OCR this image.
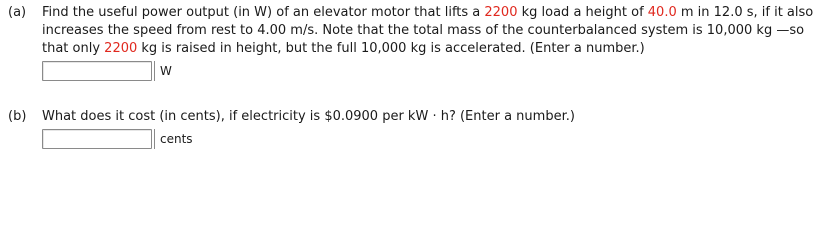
(a) Find the useful power output (in W) of an elevator motor that lifts a 2200 kg load a height of 40.0 m in 12.0 s, if it also increases the speed from rest to 4.00 m/s. Note that the total mass of the counterbalanced system is 10,000 kg —so that only 2200 kg is raised in height, but the full 10,000 kg is accelerated. (Enter a number.)
W
(b) What does it cost (in cents), if electricity is $0.0900 per kW · h? (Enter a number.)
cents
